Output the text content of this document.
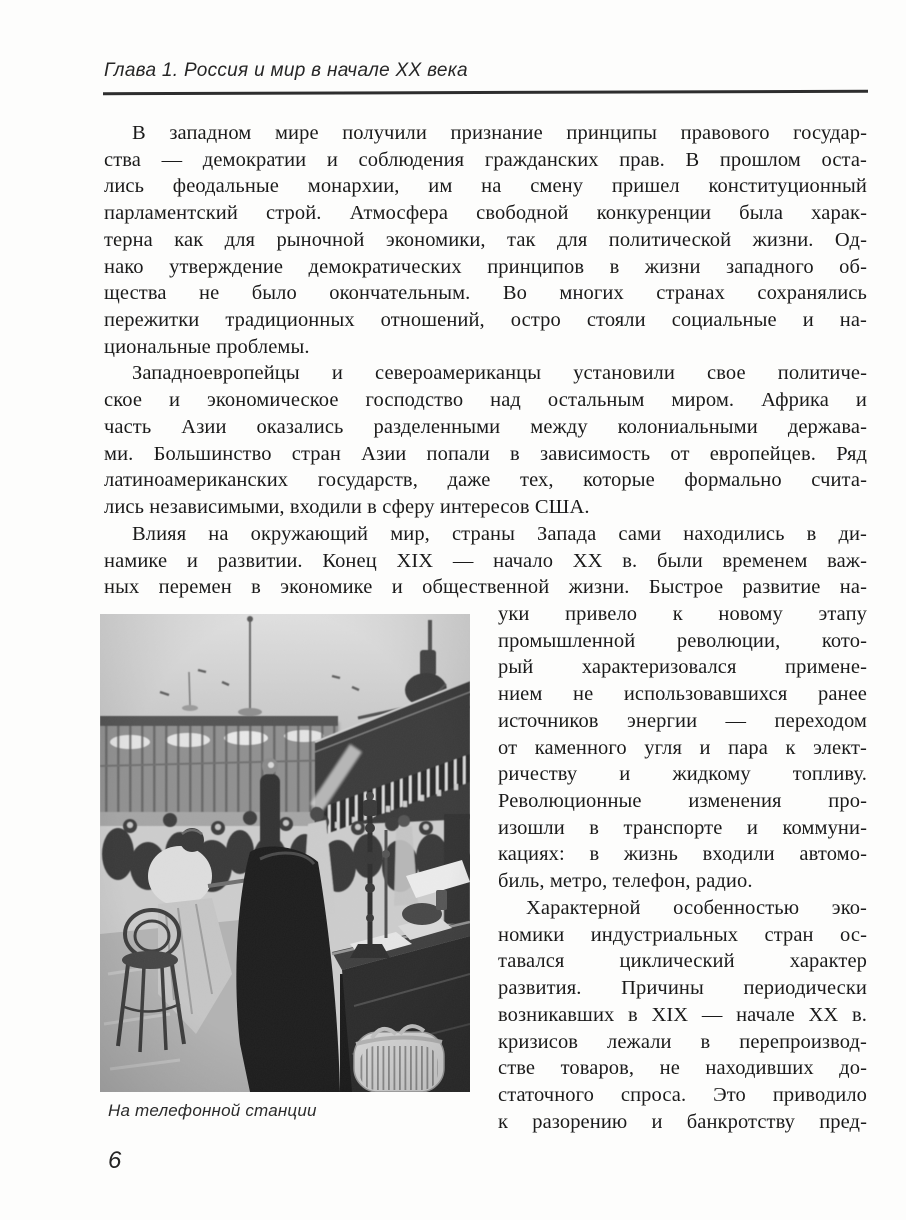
Глава 1. Россия и мир в начале XX века
В западном мире получили признание принципы правового государ-
ства — демократии и соблюдения гражданских прав. В прошлом оста-
лись феодальные монархии, им на смену пришел конституционный
парламентский строй. Атмосфера свободной конкуренции была харак-
терна как для рыночной экономики, так для политической жизни. Од-
нако утверждение демократических принципов в жизни западного об-
щества не было окончательным. Во многих странах сохранялись
пережитки традиционных отношений, остро стояли социальные и на-
циональные проблемы.
Западноевропейцы и североамериканцы установили свое политиче-
ское и экономическое господство над остальным миром. Африка и
часть Азии оказались разделенными между колониальными держава-
ми. Большинство стран Азии попали в зависимость от европейцев. Ряд
латиноамериканских государств, даже тех, которые формально счита-
лись независимыми, входили в сферу интересов США.
Влияя на окружающий мир, страны Запада сами находились в ди-
намике и развитии. Конец XIX — начало XX в. были временем важ-
ных перемен в экономике и общественной жизни. Быстрое развитие на-
На телефонной станции
уки привело к новому этапу
промышленной революции, кото-
рый характеризовался примене-
нием не использовавшихся ранее
источников энергии — переходом
от каменного угля и пара к элект-
ричеству и жидкому топливу.
Революционные изменения про-
изошли в транспорте и коммуни-
кациях: в жизнь входили автомо-
биль, метро, телефон, радио.
Характерной особенностью эко-
номики индустриальных стран ос-
тавался циклический характер
развития. Причины периодически
возникавших в XIX — начале XX в.
кризисов лежали в перепроизвод-
стве товаров, не находивших до-
статочного спроса. Это приводило
к разорению и банкротству пред-
6
